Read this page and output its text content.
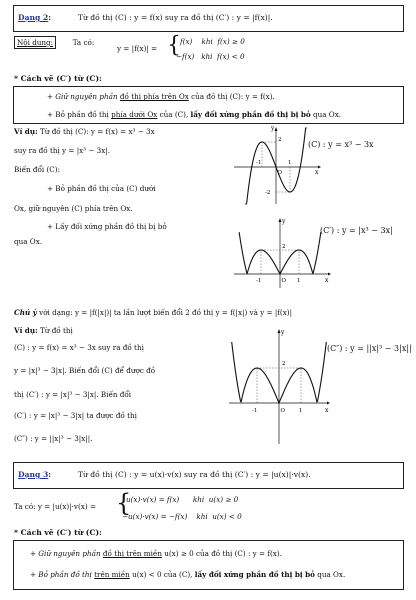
Dạng 2:	Từ đồ thị (C) : y = f(x) suy ra đồ thị (C′) : y = |f(x)|.
Nội dung:	Ta có:
y = |f(x)| = { f(x)    khi  f(x) ≥ 0
−f(x)   khi  f(x) < 0
* Cách vẽ (C′) từ (C):
+ Giữ nguyên phần đồ thị phía trên Ox của đồ thị (C): y = f(x).
+ Bỏ phần đồ thị phía dưới Ox của (C), lấy đối xứng phần đồ thị bị bỏ qua Ox.
Ví dụ: Từ đồ thị (C): y = f(x) = x³ − 3x
suy ra đồ thị y = |x³ − 3x|.
Biến đổi (C):
+ Bỏ phần đồ thị của (C) dưới
Ox, giữ nguyên (C) phía trên Ox.
+ Lấy đối xứng phần đồ thị bị bỏ
qua Ox.
y
x
O
2
-1	1
-2
(C) : y = x³ − 3x
y
x
O
2
-1	1
(C′) : y = |x³ − 3x|
Chú ý với dạng: y = |f(|x|)| ta lần lượt biến đổi 2 đồ thị y = f(|x|) và y = |f(x)|
Ví dụ: Từ đồ thị
(C) : y = f(x) = x³ − 3x suy ra đồ thị
y = |x|³ − 3|x|. Biến đổi (C) để được đồ
thị (C′) : y = |x|³ − 3|x|. Biến đổi
(C′) : y = |x|³ − 3|x| ta được đồ thị
(C″) : y = ||x|³ − 3|x||.
y
x
O
2
-1	1
(C″) : y = ||x|³ − 3|x||
Dạng 3:	Từ đồ thị (C) : y = u(x)·v(x) suy ra đồ thị (C′) : y = |u(x)|·v(x).
Ta có: y = |u(x)|·v(x) = {
u(x)·v(x) = f(x)      khi  u(x) ≥ 0
−u(x)·v(x) = −f(x)    khi  u(x) < 0
* Cách vẽ (C′) từ (C):
+ Giữ nguyên phần đồ thị trên miền u(x) ≥ 0 của đồ thị (C) : y = f(x).
+ Bỏ phần đồ thị trên miền u(x) < 0 của (C), lấy đối xứng phần đồ thị bị bỏ qua Ox.
